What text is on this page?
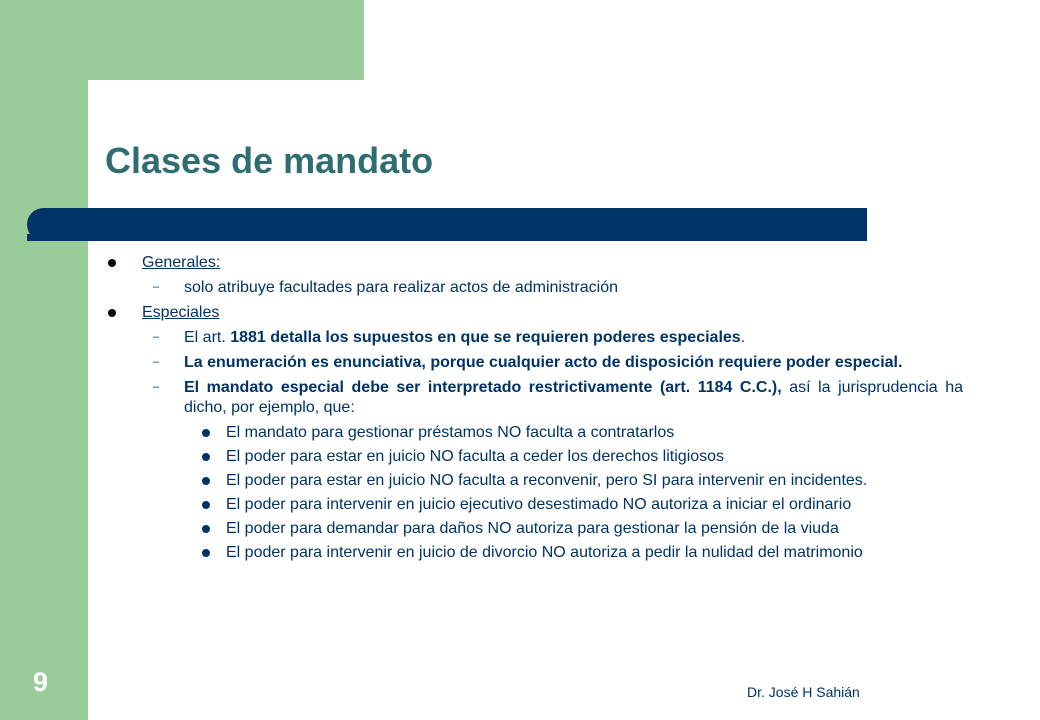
Clases de mandato
Generales:
– solo atribuye facultades para realizar actos de administración
Especiales
– El art. 1881 detalla los supuestos en que se requieren poderes especiales.
– La enumeración es enunciativa, porque cualquier acto de disposición requiere poder especial.
– El mandato especial debe ser interpretado restrictivamente (art. 1184 C.C.), así la jurisprudencia ha dicho, por ejemplo, que:
El mandato para gestionar préstamos NO faculta a contratarlos
El poder para estar en juicio NO faculta a ceder los derechos litigiosos
El poder para estar en juicio NO faculta a reconvenir, pero SI para intervenir en incidentes.
El poder para intervenir en juicio ejecutivo desestimado NO autoriza a iniciar el ordinario
El poder para demandar para daños NO autoriza para gestionar la pensión de la viuda
El poder para intervenir en juicio de divorcio NO autoriza a pedir la nulidad del matrimonio
9	Dr. José H Sahián
